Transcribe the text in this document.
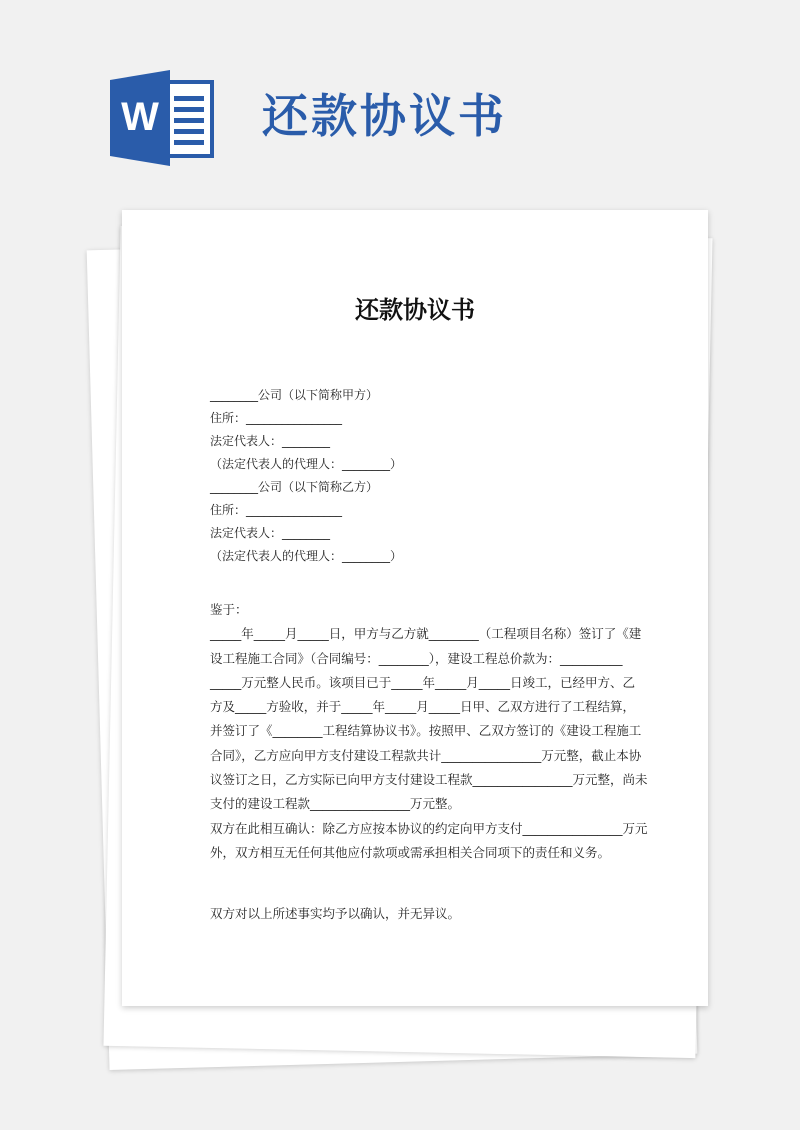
W 还款协议书
还款协议书
________公司（以下简称甲方）
住所：________________
法定代表人：________
（法定代表人的代理人：________）
________公司（以下简称乙方）
住所：________________
法定代表人：________
（法定代表人的代理人：________）
鉴于：
_____年_____月_____日，甲方与乙方就________（工程项目名称）签订了《建
设工程施工合同》（合同编号：________），建设工程总价款为：__________
_____万元整人民币。该项目已于_____年_____月_____日竣工，已经甲方、乙
方及_____方验收，并于_____年_____月_____日甲、乙双方进行了工程结算，
并签订了《________工程结算协议书》。按照甲、乙双方签订的《建设工程施工
合同》，乙方应向甲方支付建设工程款共计________________万元整，截止本协
议签订之日，乙方实际已向甲方支付建设工程款________________万元整，尚未
支付的建设工程款________________万元整。
双方在此相互确认：除乙方应按本协议的约定向甲方支付________________万元
外，双方相互无任何其他应付款项或需承担相关合同项下的责任和义务。
双方对以上所述事实均予以确认，并无异议。
